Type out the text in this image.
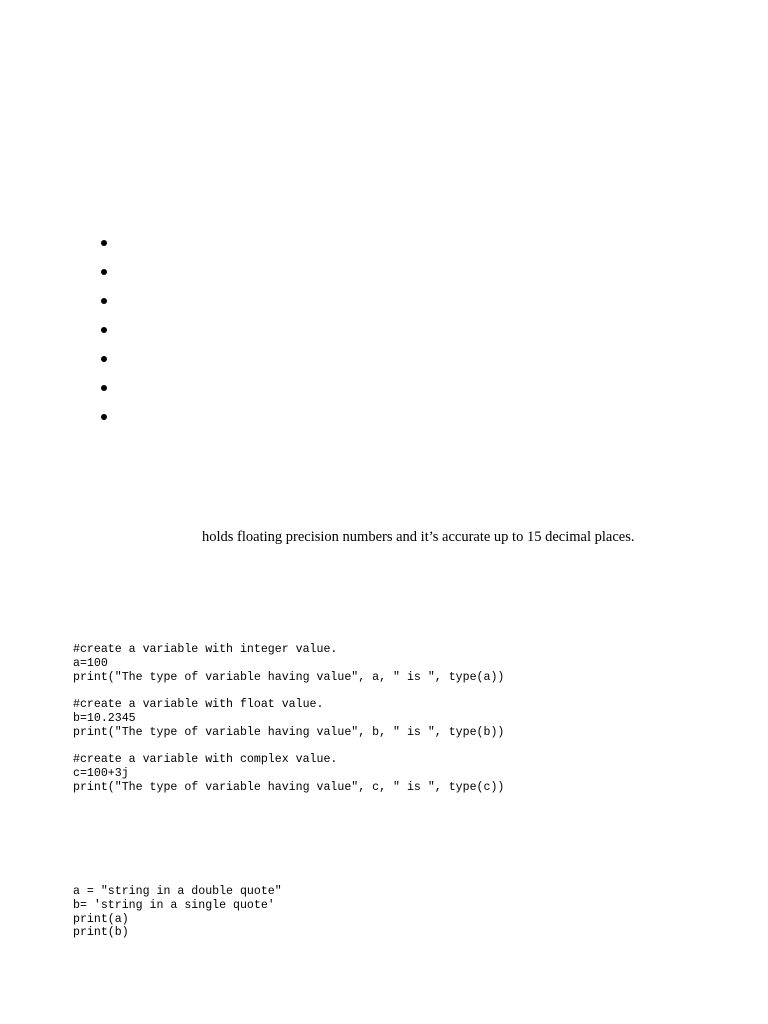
holds floating precision numbers and it’s accurate up to 15 decimal places.
#create a variable with integer value.
a=100
print("The type of variable having value", a, " is ", type(a))
#create a variable with float value.
b=10.2345
print("The type of variable having value", b, " is ", type(b))
#create a variable with complex value.
c=100+3j
print("The type of variable having value", c, " is ", type(c))
a = "string in a double quote"
b= 'string in a single quote'
print(a)
print(b)
